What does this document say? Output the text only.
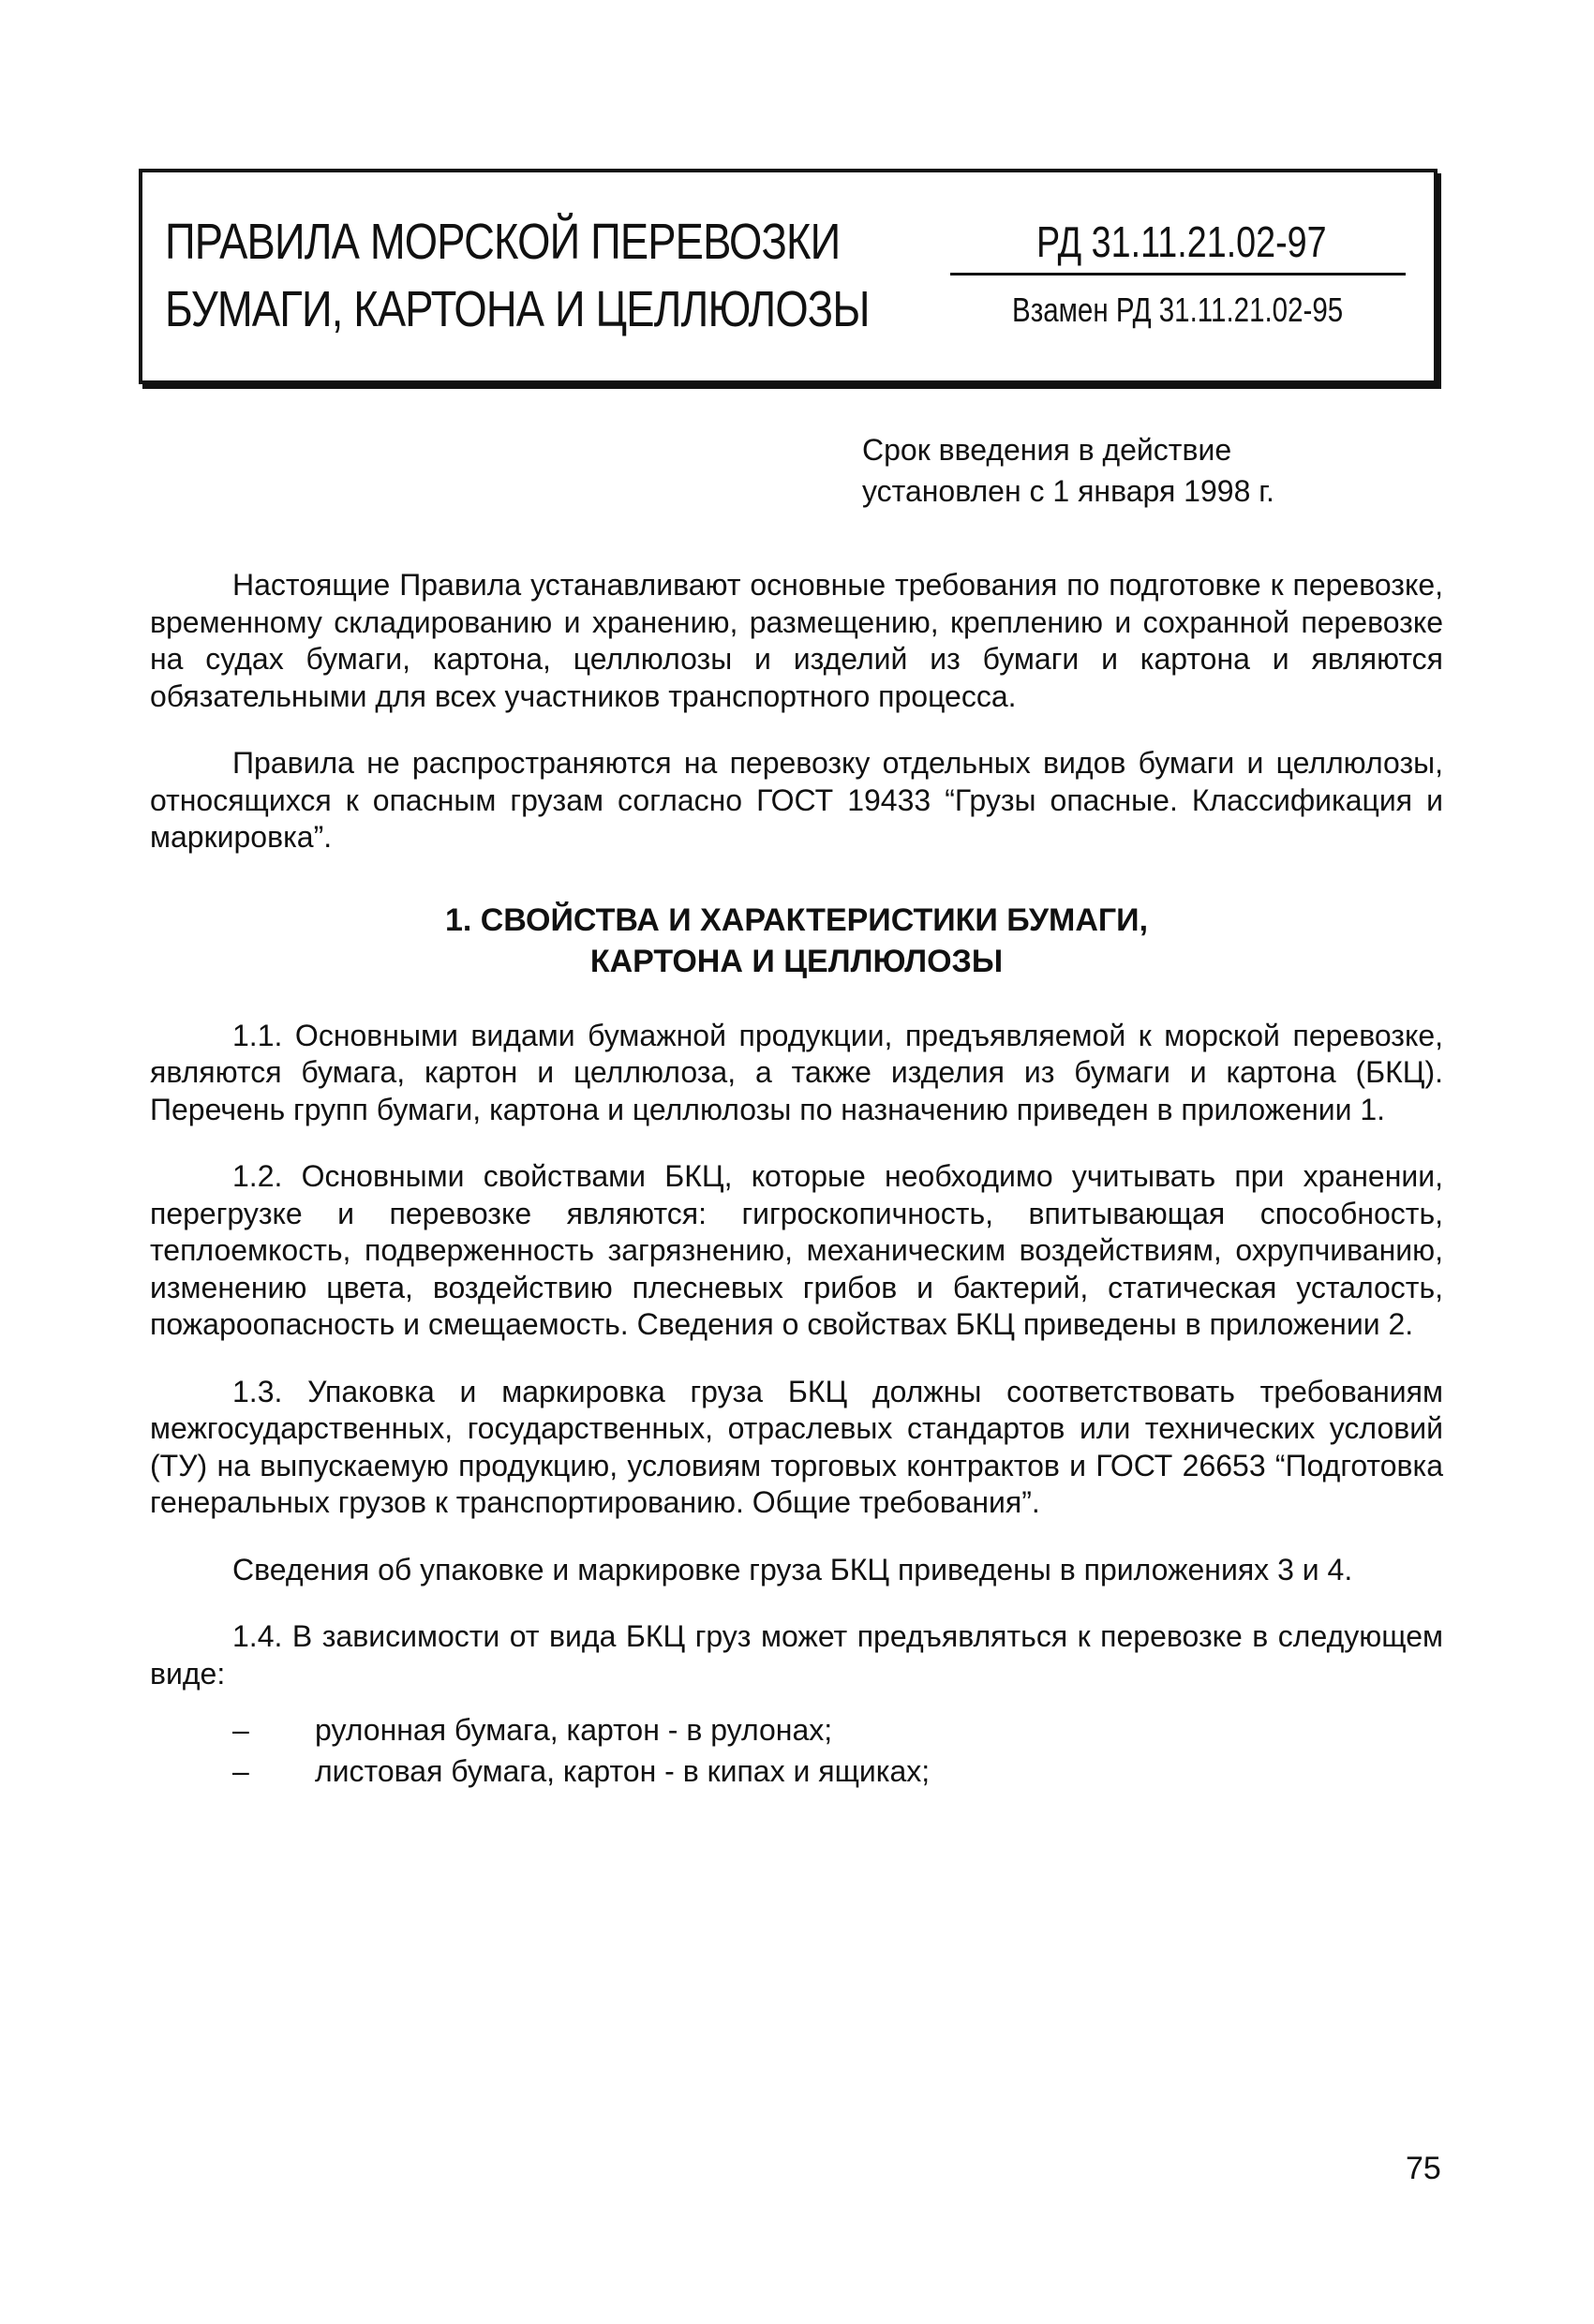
ПРАВИЛА МОРСКОЙ ПЕРЕВОЗКИ
БУМАГИ, КАРТОНА И ЦЕЛЛЮЛОЗЫ
РД 31.11.21.02-97
Взамен РД 31.11.21.02-95
Срок введения в действие
установлен с 1 января 1998 г.

Настоящие Правила устанавливают основные требования по подготовке к перевозке, временному складированию и хранению, размещению, креплению и сохранной перевозке на судах бумаги, картона, целлюлозы и изделий из бумаги и картона и являются обязательными для всех участников транспортного процесса.

Правила не распространяются на перевозку отдельных видов бумаги и целлюлозы, относящихся к опасным грузам согласно ГОСТ 19433 “Грузы опасные. Классификация и маркировка”.

1. СВОЙСТВА И ХАРАКТЕРИСТИКИ БУМАГИ,
КАРТОНА И ЦЕЛЛЮЛОЗЫ

1.1. Основными видами бумажной продукции, предъявляемой к морской перевозке, являются бумага, картон и целлюлоза, а также изделия из бумаги и картона (БКЦ). Перечень групп бумаги, картона и целлюлозы по назначению приведен в приложении 1.

1.2. Основными свойствами БКЦ, которые необходимо учитывать при хранении, перегрузке и перевозке являются: гигроскопичность, впитывающая способность, теплоемкость, подверженность загрязнению, механическим воздействиям, охрупчиванию, изменению цвета, воздействию плесневых грибов и бактерий, статическая усталость, пожароопасность и смещаемость. Сведения о свойствах БКЦ приведены в приложении 2.

1.3. Упаковка и маркировка груза БКЦ должны соответствовать требованиям межгосударственных, государственных, отраслевых стандартов или технических условий (ТУ) на выпускаемую продукцию, условиям торговых контрактов и ГОСТ 26653 “Подготовка генеральных грузов к транспортированию. Общие требования”.

Сведения об упаковке и маркировке груза БКЦ приведены в приложениях 3 и 4.

1.4. В зависимости от вида БКЦ груз может предъявляться к перевозке в следующем виде:

– рулонная бумага, картон - в рулонах;
– листовая бумага, картон - в кипах и ящиках;
75
